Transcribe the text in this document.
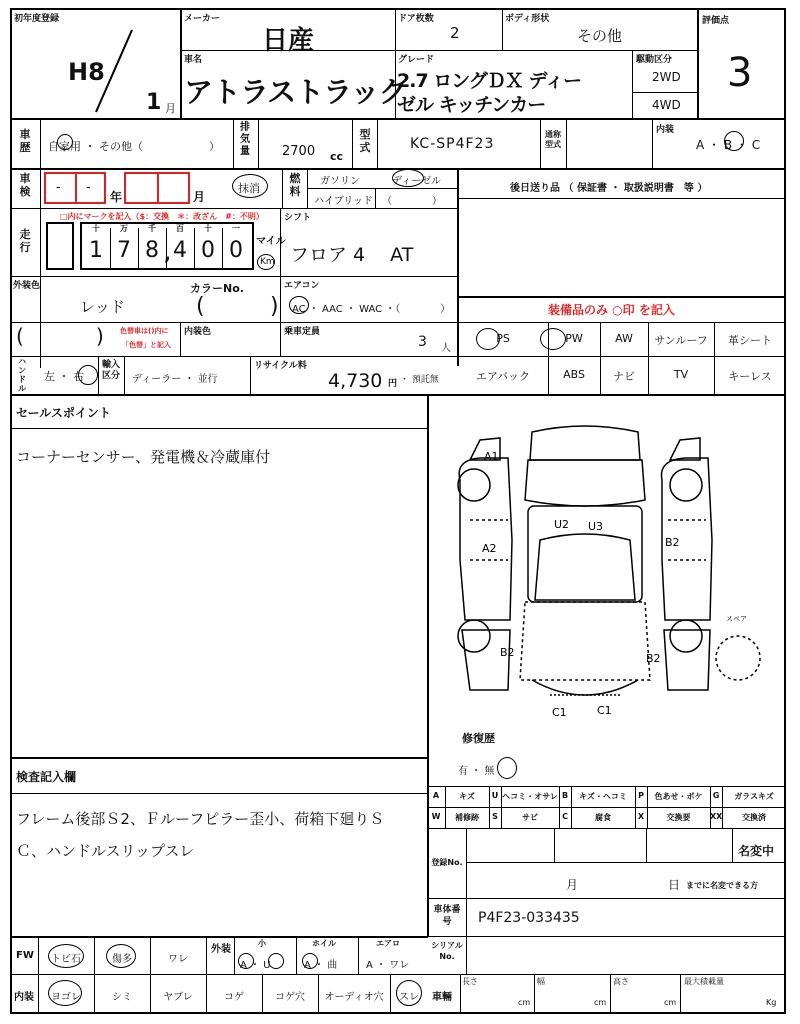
初年度登録
H8
1 月
メーカー
日産
ドア枚数
2
ボディ形状
その他
評価点
3
車名
アトラストラック
グレード
2.7 ロングＤＸ ディー
ゼル キッチンカー
駆動区分
2WD
4WD
車歴 自家用 ・ その他（　　　　　　）
排気量 2700 cc
型式	KC-SP4F23
通称型式
内装
A ・ B ・ C
車検 - -
年	月
抹消
燃料
ガソリン	ディーゼル
ハイブリッド （　　　　）
後日送り品 （ 保証書 ・ 取扱説明書　等 ）
走行
□内にマークを記入（$：交換　＊：改ざん　#：不明）
十
1
万
7
千
8
百
4
十
0
一
0
,
マイル
Km
シフト
フロア 4　 AT
外装色
レッド
カラーNo.
(	)
エアコン
AC ・ AAC ・ WAC ・（　　　　）	装備品のみ ○印 を記入
(	) 色替車は()内に
「色替」と記入
内装色	乗車定員
3 人
PS	PW	AW	サンルーフ	革シート
ハンドル
左 ・ 右
輸入区分 ディーラー ・ 並行
リサイクル料
4,730 円 ・ 預託無	エアバック	ABS	ナビ	TV	キーレス
セールスポイント
コーナーセンサー、発電機＆冷蔵庫付
検査記入欄
フレーム後部Ｓ2、Ｆルーフピラー歪小、荷箱下廻りＳ
Ｃ、ハンドルスリップスレ
A1
U2 U3
A2	B2
B2	B2
C1	C1
スペア
修復歴
有 ・ 無
A	キズ	U ヘコミ・オサレ B	キズ・ヘコミ	P	色あせ・ボケ	G	ガラスキズ
W	補修跡	S	サビ	C	腐食	X	交換要	XX	交換済
登録No.
名変中
月	日 までに名変できる方
車体番号	P4F23-033435
FW	トビ石	傷多	ワレ
外装
小	ホイル	エアロ
A ・ U	A ・ 曲	A ・ ワレ
内装	ヨゴレ	シミ	ヤブレ	コゲ	コゲ穴	オーディオ穴	スレ
シリアルNo.
車輛
長さ
cm
幅
cm
高さ
cm
最大積載量
Kg
